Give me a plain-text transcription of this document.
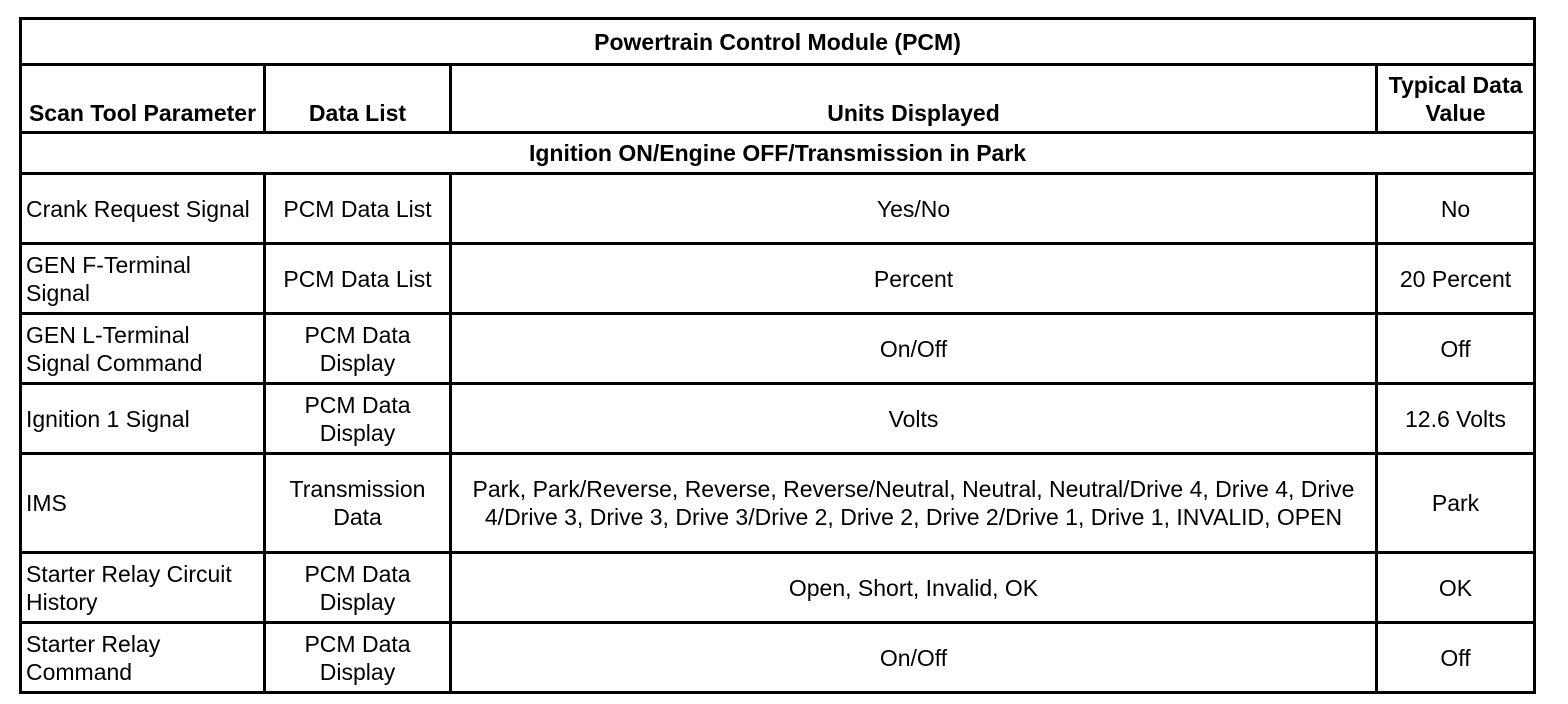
Powertrain Control Module (PCM)			
Scan Tool Parameter	Data List	Units Displayed	Typical Data Value
Ignition ON/Engine OFF/Transmission in Park			
Crank Request Signal	PCM Data List	Yes/No	No
GEN F-Terminal Signal	PCM Data List	Percent	20 Percent
GEN L-Terminal Signal Command	PCM Data Display	On/Off	Off
Ignition 1 Signal	PCM Data Display	Volts	12.6 Volts
IMS	Transmission Data	Park, Park/Reverse, Reverse, Reverse/Neutral, Neutral, Neutral/Drive 4, Drive 4, Drive 4/Drive 3, Drive 3, Drive 3/Drive 2, Drive 2, Drive 2/Drive 1, Drive 1, INVALID, OPEN	Park
Starter Relay Circuit History	PCM Data Display	Open, Short, Invalid, OK	OK
Starter Relay Command	PCM Data Display	On/Off	Off
